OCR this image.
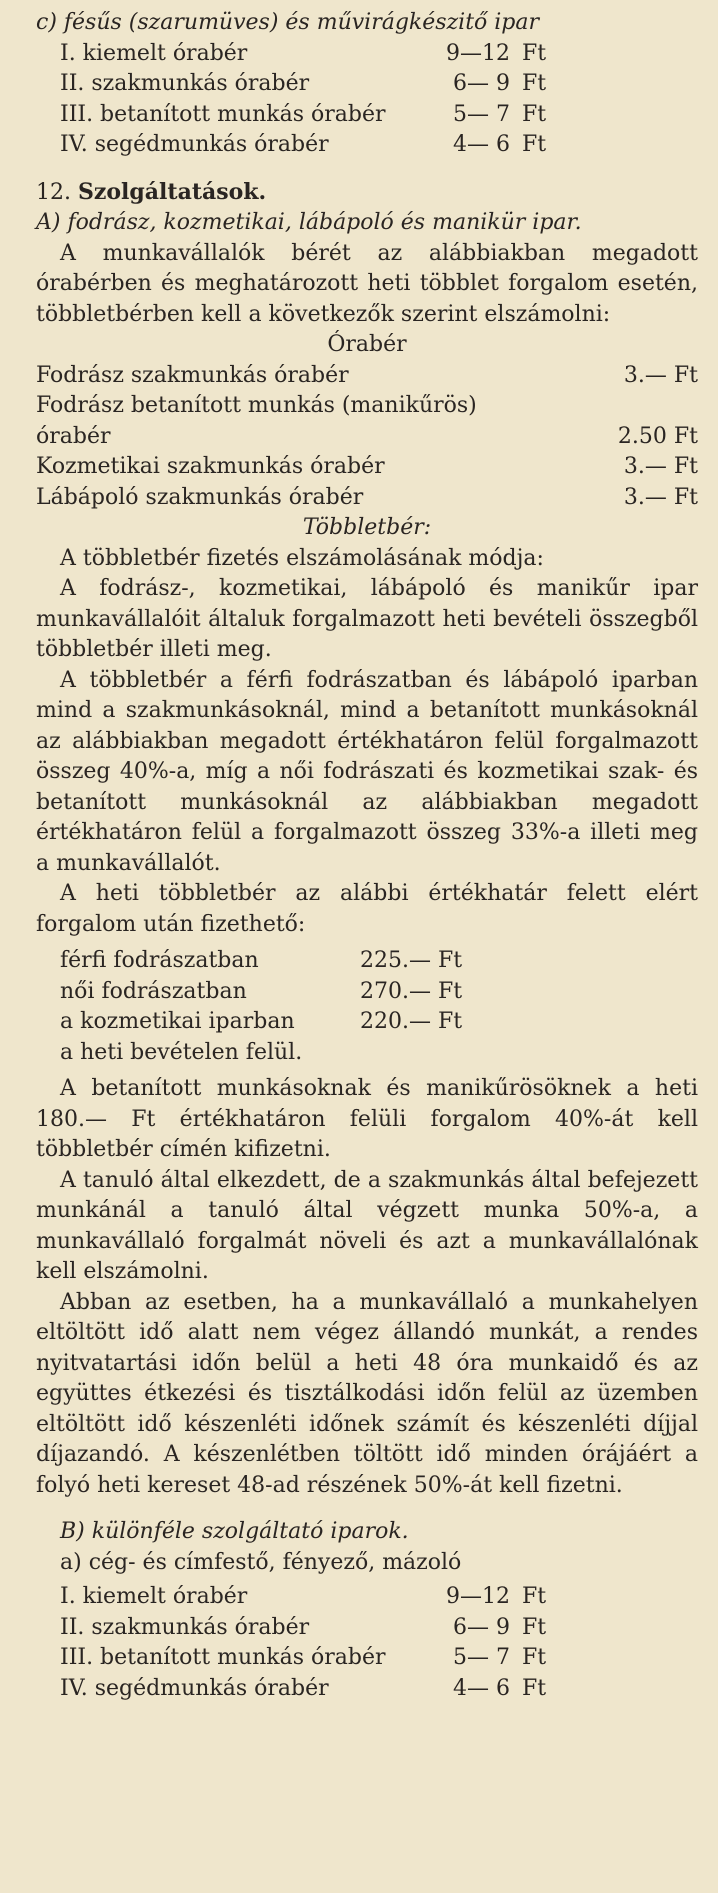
c) fésűs (szarumüves) és művirágkészitő ipar
I. kiemelt órabér	9—12 Ft
II. szakmunkás órabér	6— 9 Ft
III. betanított munkás órabér	5— 7 Ft
IV. segédmunkás órabér	4— 6 Ft
12. Szolgáltatások.
A) fodrász, kozmetikai, lábápoló és manikür ipar.

A munkavállalók bérét az alábbiakban megadott órabérben és meghatározott heti többlet forgalom esetén, többletbérben kell a következők szerint elszámolni:

Órabér
Fodrász szakmunkás órabér	3.— Ft
Fodrász betanított munkás (manikűrös)
órabér	2.50 Ft
Kozmetikai szakmunkás órabér	3.— Ft
Lábápoló szakmunkás órabér	3.— Ft
Többletbér:

A többletbér fizetés elszámolásának módja:

A fodrász-, kozmetikai, lábápoló és manikűr ipar munkavállalóit általuk forgalmazott heti bevételi összegből többletbér illeti meg.

A többletbér a férfi fodrászatban és lábápoló iparban mind a szakmunkásoknál, mind a betanított munkásoknál az alábbiakban megadott értékhatáron felül forgalmazott összeg 40%-a, míg a női fodrászati és kozmetikai szak- és betanított munkásoknál az alábbiakban megadott értékhatáron felül a forgalmazott összeg 33%-a illeti meg a munkavállalót.

A heti többletbér az alábbi értékhatár felett elért forgalom után fizethető:

férfi fodrászatban	225.— Ft
női fodrászatban	270.— Ft
a kozmetikai iparban	220.— Ft
a heti bevételen felül.

A betanított munkásoknak és manikűrösöknek a heti 180.— Ft értékhatáron felüli forgalom 40%-át kell többletbér címén kifizetni.

A tanuló által elkezdett, de a szakmunkás által befejezett munkánál a tanuló által végzett munka 50%-a, a munkavállaló forgalmát növeli és azt a munkavállalónak kell elszámolni.

Abban az esetben, ha a munkavállaló a munkahelyen eltöltött idő alatt nem végez állandó munkát, a rendes nyitvatartási időn belül a heti 48 óra munkaidő és az együttes étkezési és tisztálkodási időn felül az üzemben eltöltött idő készenléti időnek számít és készenléti díjjal díjazandó. A készenlétben töltött idő minden órájáért a folyó heti kereset 48-ad részének 50%-át kell fizetni.

B) különféle szolgáltató iparok.
a) cég- és címfestő, fényező, mázoló
I. kiemelt órabér	9—12 Ft
II. szakmunkás órabér	6— 9 Ft
III. betanított munkás órabér	5— 7 Ft
IV. segédmunkás órabér	4— 6 Ft
